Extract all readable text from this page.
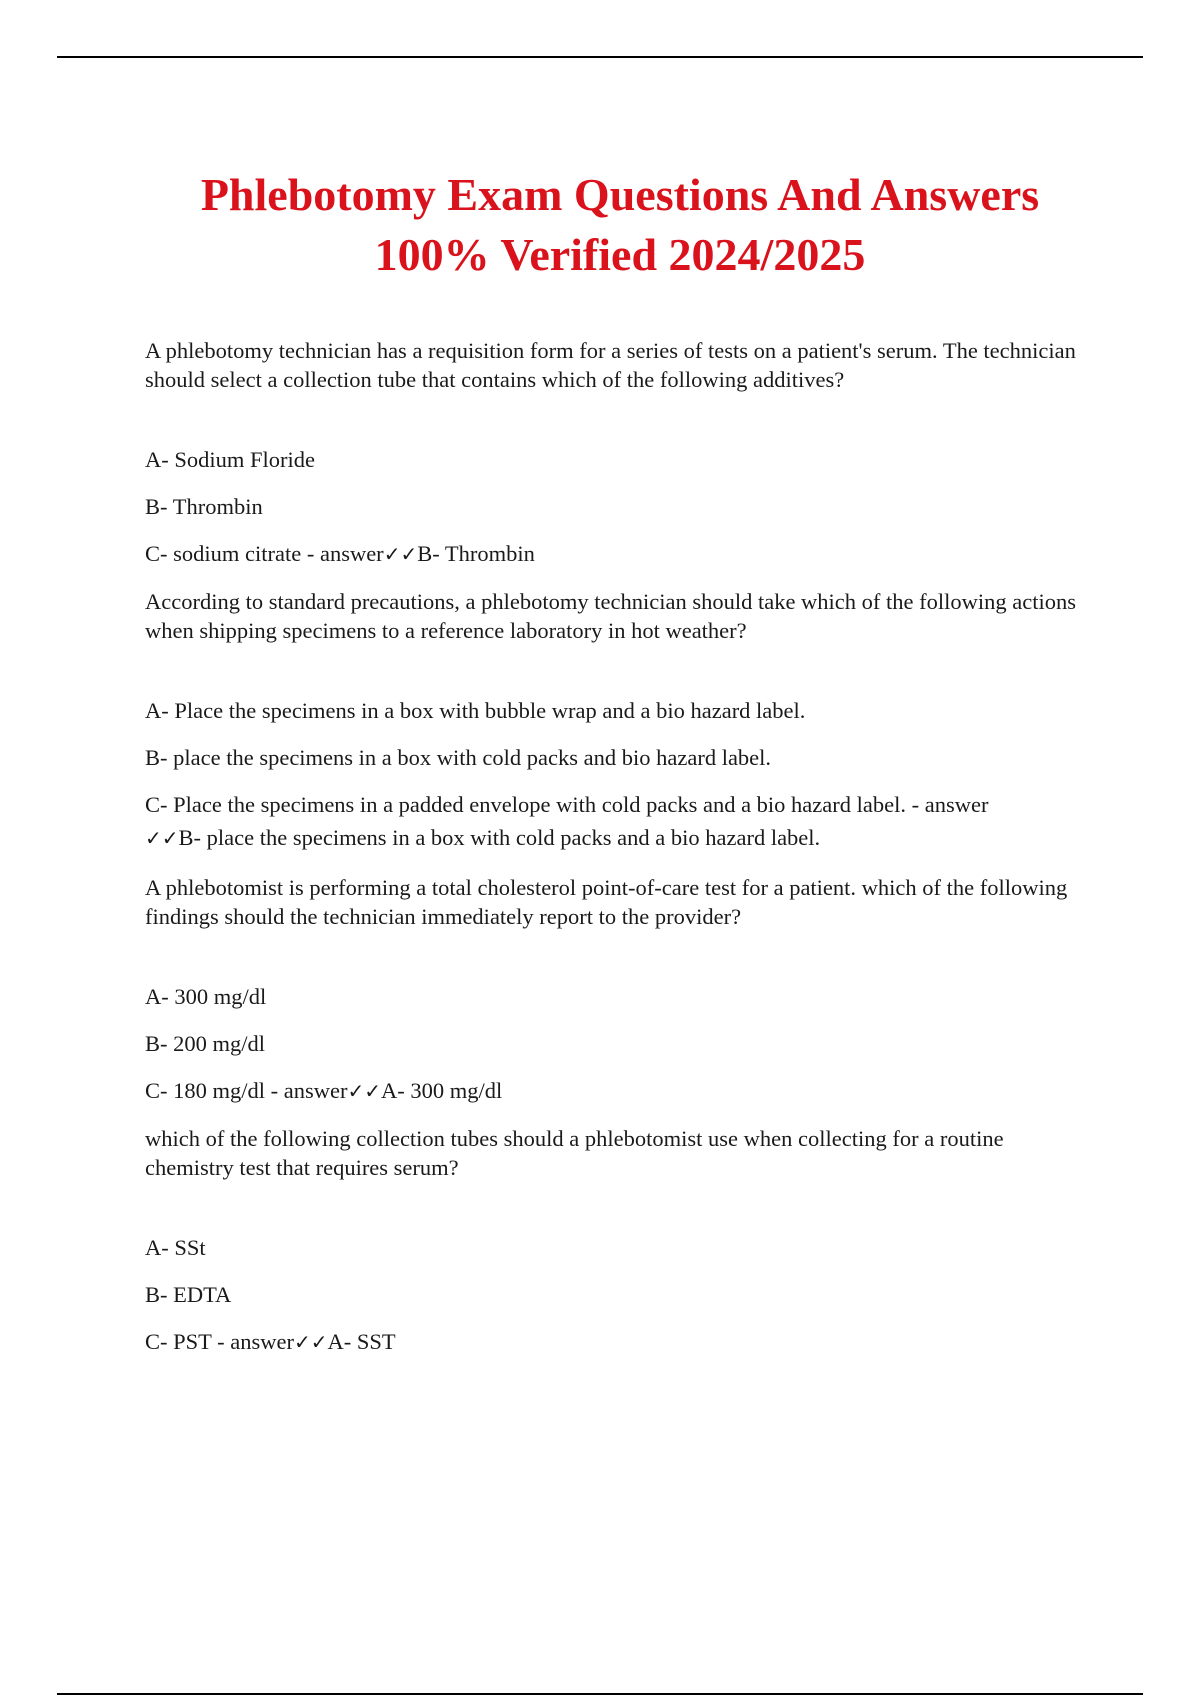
Phlebotomy Exam Questions And Answers
100% Verified 2024/2025

A phlebotomy technician has a requisition form for a series of tests on a patient's serum. The technician should select a collection tube that contains which of the following additives?

A- Sodium Floride

B- Thrombin

C- sodium citrate - answer✓✓B- Thrombin

According to standard precautions, a phlebotomy technician should take which of the following actions when shipping specimens to a reference laboratory in hot weather?

A- Place the specimens in a box with bubble wrap and a bio hazard label.

B- place the specimens in a box with cold packs and bio hazard label.

C- Place the specimens in a padded envelope with cold packs and a bio hazard label. - answer
✓✓B- place the specimens in a box with cold packs and a bio hazard label.

A phlebotomist is performing a total cholesterol point-of-care test for a patient. which of the following findings should the technician immediately report to the provider?

A- 300 mg/dl

B- 200 mg/dl

C- 180 mg/dl - answer✓✓A- 300 mg/dl

which of the following collection tubes should a phlebotomist use when collecting for a routine chemistry test that requires serum?

A- SSt

B- EDTA

C- PST - answer✓✓A- SST
